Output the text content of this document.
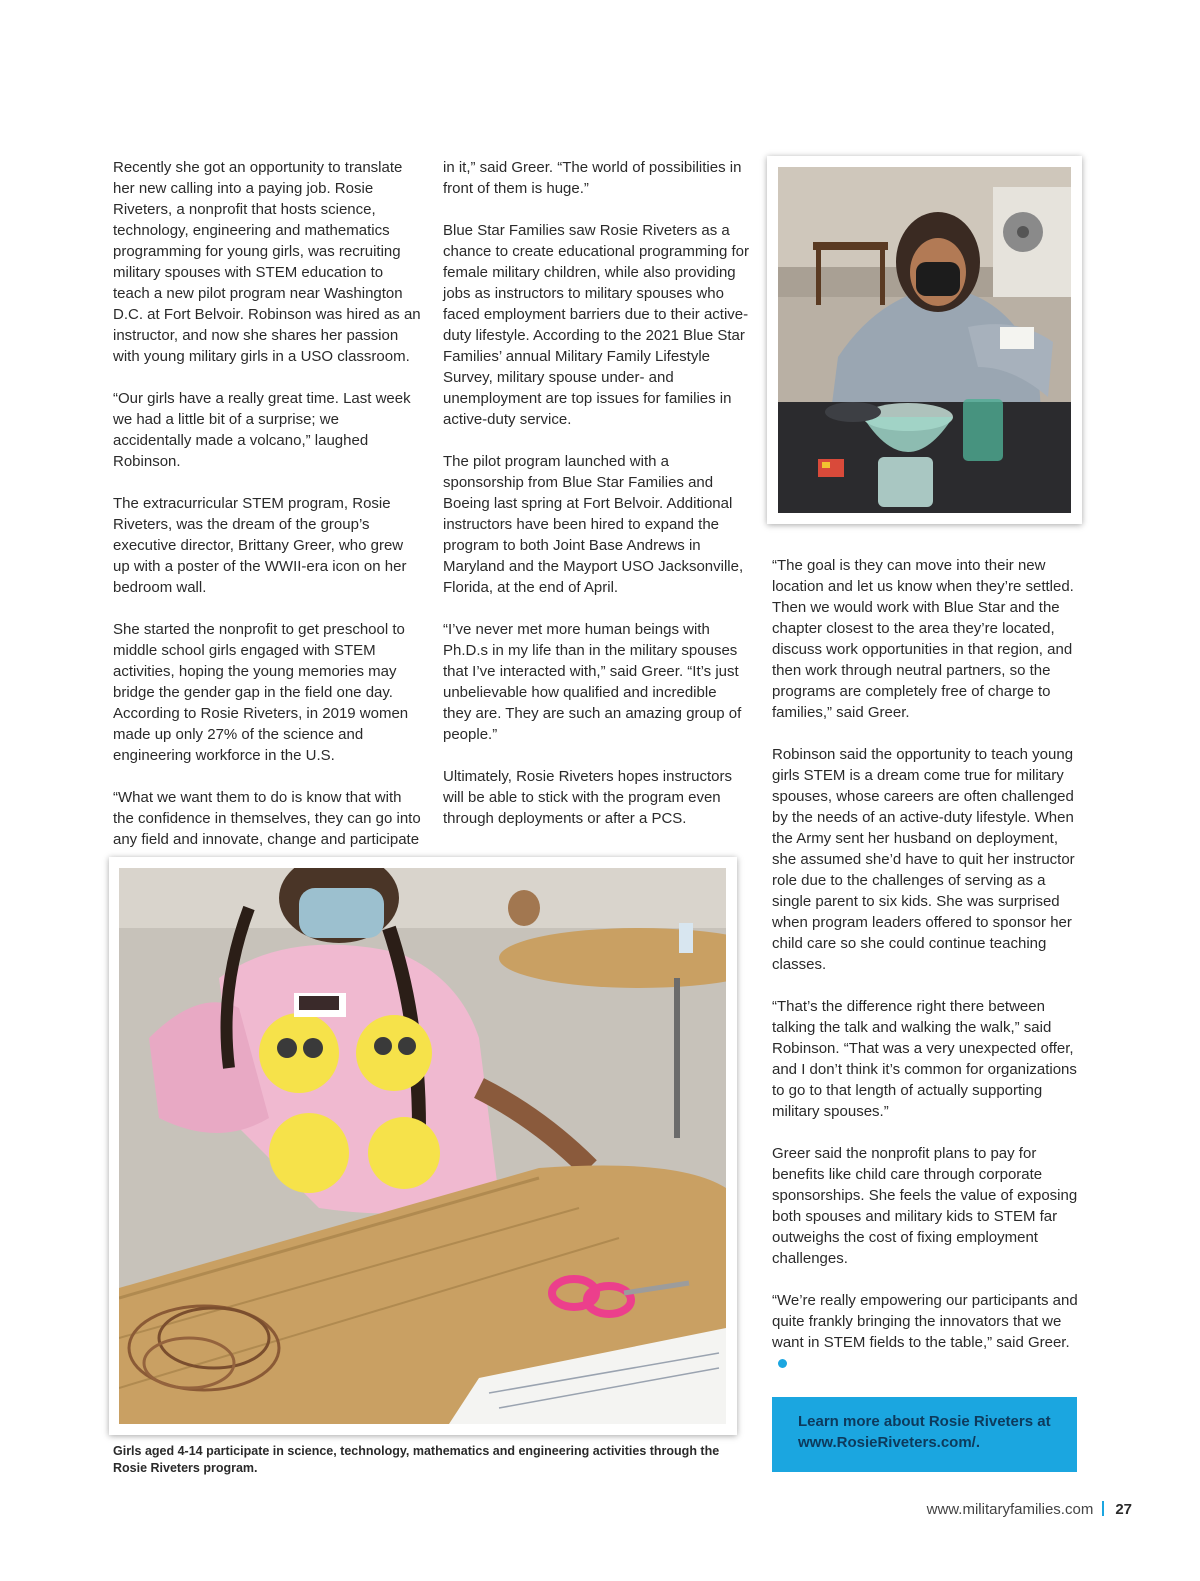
Recently she got an opportunity to translate her new calling into a paying job. Rosie Riveters, a nonprofit that hosts science, technology, engineering and mathematics programming for young girls, was recruiting military spouses with STEM education to teach a new pilot program near Washington D.C. at Fort Belvoir. Robinson was hired as an instructor, and now she shares her passion with young military girls in a USO classroom.

“Our girls have a really great time. Last week we had a little bit of a surprise; we accidentally made a volcano,” laughed Robinson.

The extracurricular STEM program, Rosie Riveters, was the dream of the group’s executive director, Brittany Greer, who grew up with a poster of the WWII-era icon on her bedroom wall.

She started the nonprofit to get preschool to middle school girls engaged with STEM activities, hoping the young memories may bridge the gender gap in the field one day. According to Rosie Riveters, in 2019 women made up only 27% of the science and engineering workforce in the U.S.

“What we want them to do is know that with the confidence in themselves, they can go into any field and innovate, change and participate

in it,” said Greer. “The world of possibilities in front of them is huge.”

Blue Star Families saw Rosie Riveters as a chance to create educational programming for female military children, while also providing jobs as instructors to military spouses who faced employment barriers due to their active-duty lifestyle. According to the 2021 Blue Star Families’ annual Military Family Lifestyle Survey, military spouse under- and unemployment are top issues for families in active-duty service.

The pilot program launched with a sponsorship from Blue Star Families and Boeing last spring at Fort Belvoir. Additional instructors have been hired to expand the program to both Joint Base Andrews in Maryland and the Mayport USO Jacksonville, Florida, at the end of April.

“I’ve never met more human beings with Ph.D.s in my life than in the military spouses that I’ve interacted with,” said Greer. “It’s just unbelievable how qualified and incredible they are. They are such an amazing group of people.”

Ultimately, Rosie Riveters hopes instructors will be able to stick with the program even through deployments or after a PCS.

“The goal is they can move into their new location and let us know when they’re settled. Then we would work with Blue Star and the chapter closest to the area they’re located, discuss work opportunities in that region, and then work through neutral partners, so the programs are completely free of charge to families,” said Greer.

Robinson said the opportunity to teach young girls STEM is a dream come true for military spouses, whose careers are often challenged by the needs of an active-duty lifestyle. When the Army sent her husband on deployment, she assumed she’d have to quit her instructor role due to the challenges of serving as a single parent to six kids. She was surprised when program leaders offered to sponsor her child care so she could continue teaching classes.

“That’s the difference right there between talking the talk and walking the walk,” said Robinson. “That was a very unexpected offer, and I don’t think it’s common for organizations to go to that length of actually supporting military spouses.”

Greer said the nonprofit plans to pay for benefits like child care through corporate sponsorships. She feels the value of exposing both spouses and military kids to STEM far outweighs the cost of fixing employment challenges.

“We’re really empowering our participants and quite frankly bringing the innovators that we want in STEM fields to the table,” said Greer.

Girls aged 4-14 participate in science, technology, mathematics and engineering activities through the Rosie Riveters program.
Learn more about Rosie Riveters at www.RosieRiveters.com/.
www.militaryfamilies.com 27
